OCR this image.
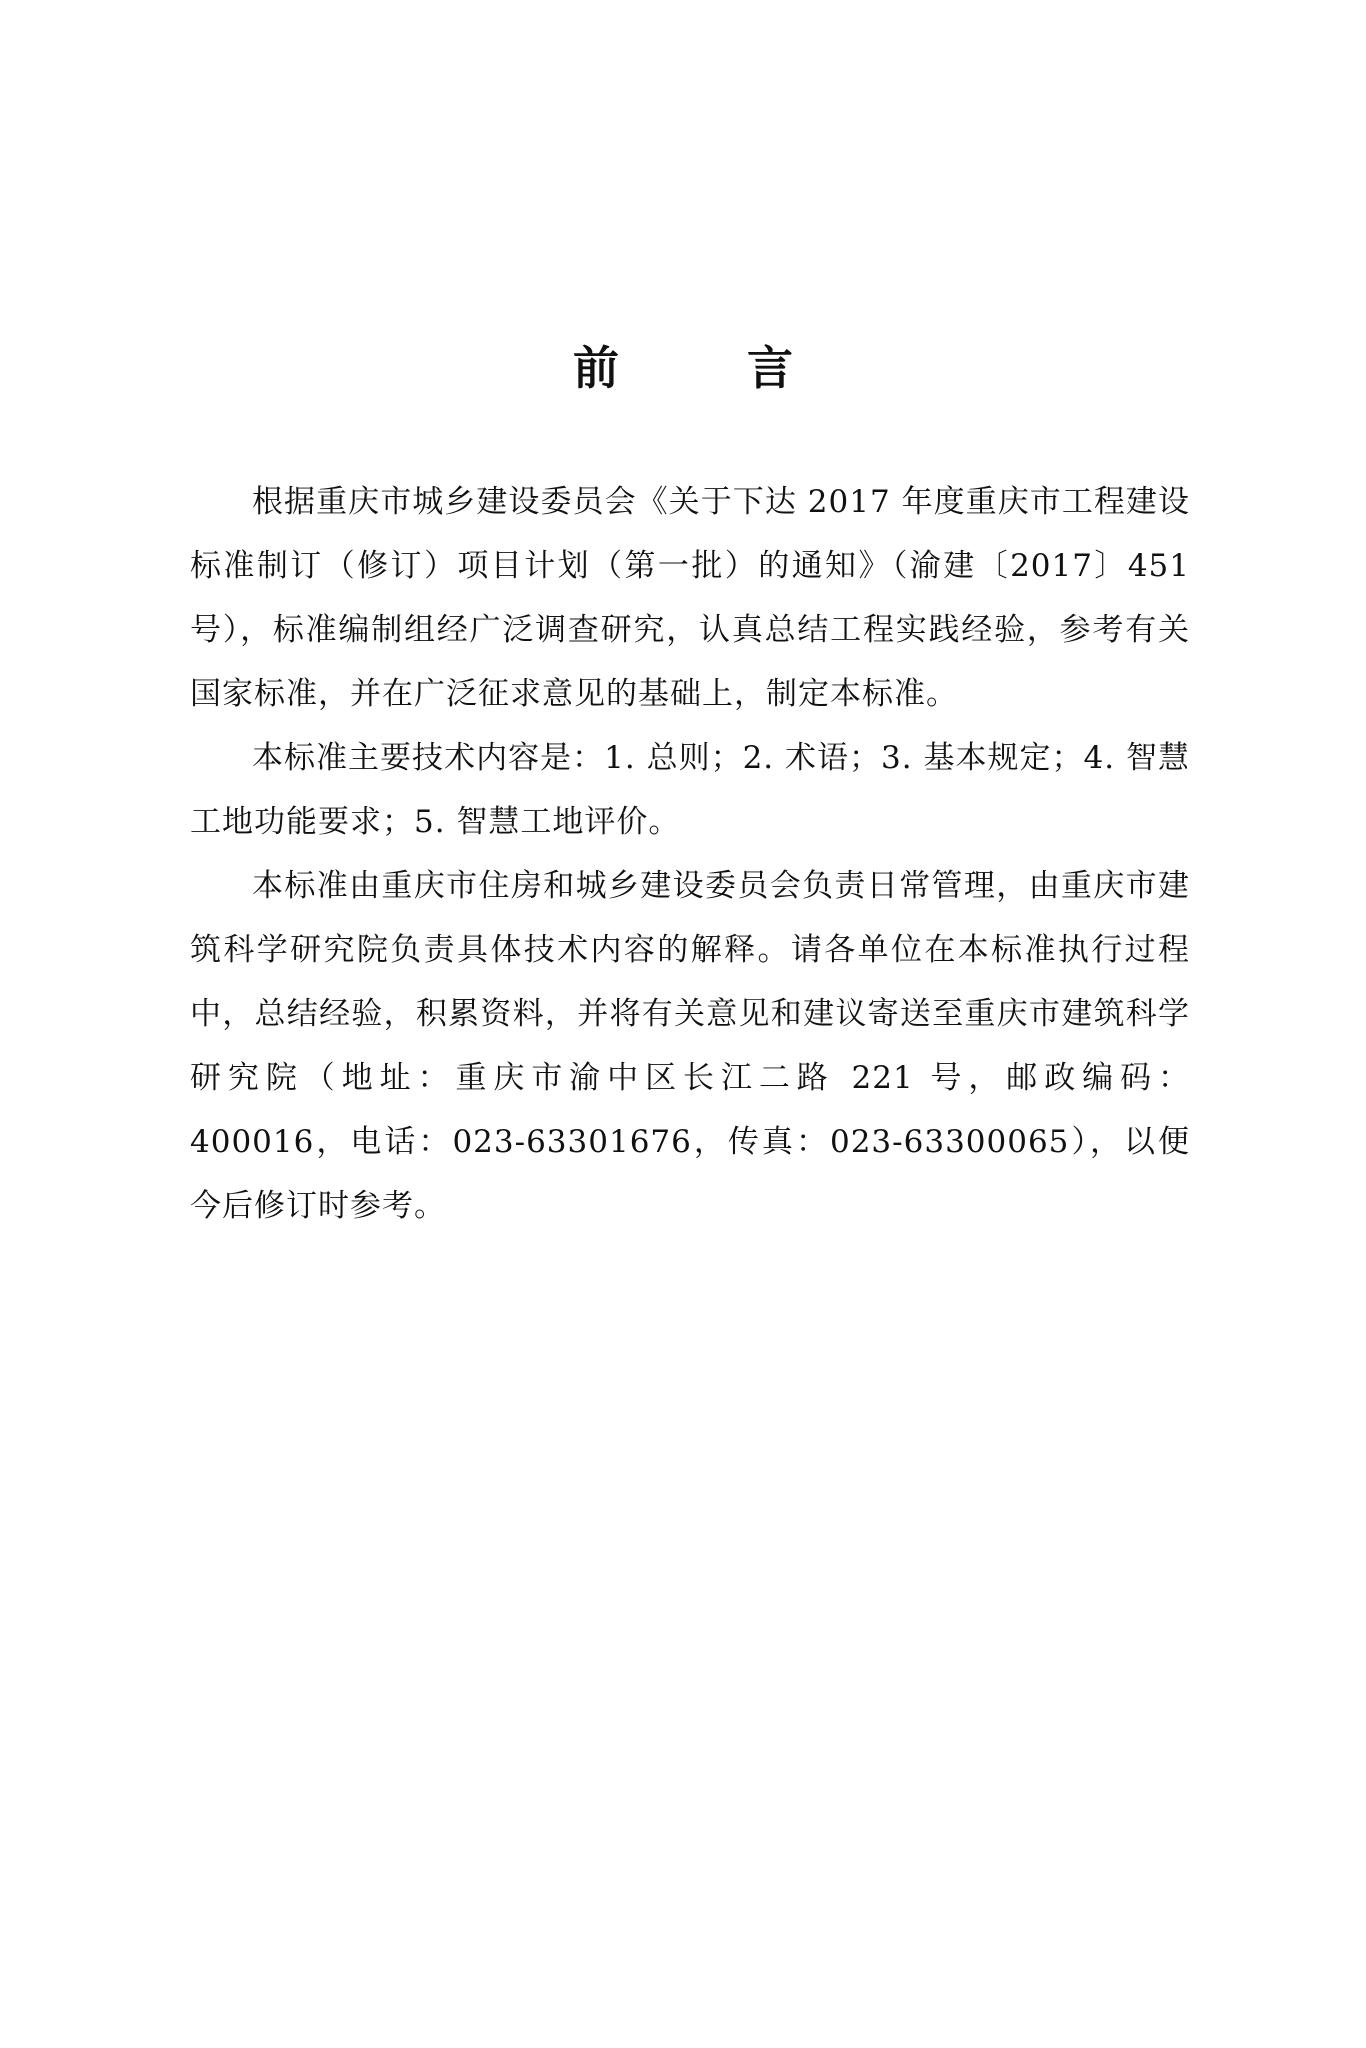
前 言

根据重庆市城乡建设委员会《关于下达 2017 年度重庆市工程建设标准制订（修订）项目计划（第一批）的通知》（渝建〔2017〕451 号），标准编制组经广泛调查研究，认真总结工程实践经验，参考有关国家标准，并在广泛征求意见的基础上，制定本标准。

本标准主要技术内容是：1. 总则；2. 术语；3. 基本规定；4. 智慧工地功能要求；5. 智慧工地评价。

本标准由重庆市住房和城乡建设委员会负责日常管理，由重庆市建筑科学研究院负责具体技术内容的解释。请各单位在本标准执行过程中，总结经验，积累资料，并将有关意见和建议寄送至重庆市建筑科学研究院（地址：重庆市渝中区长江二路 221 号，邮政编码：400016，电话：023-63301676，传真：023-63300065），以便今后修订时参考。
